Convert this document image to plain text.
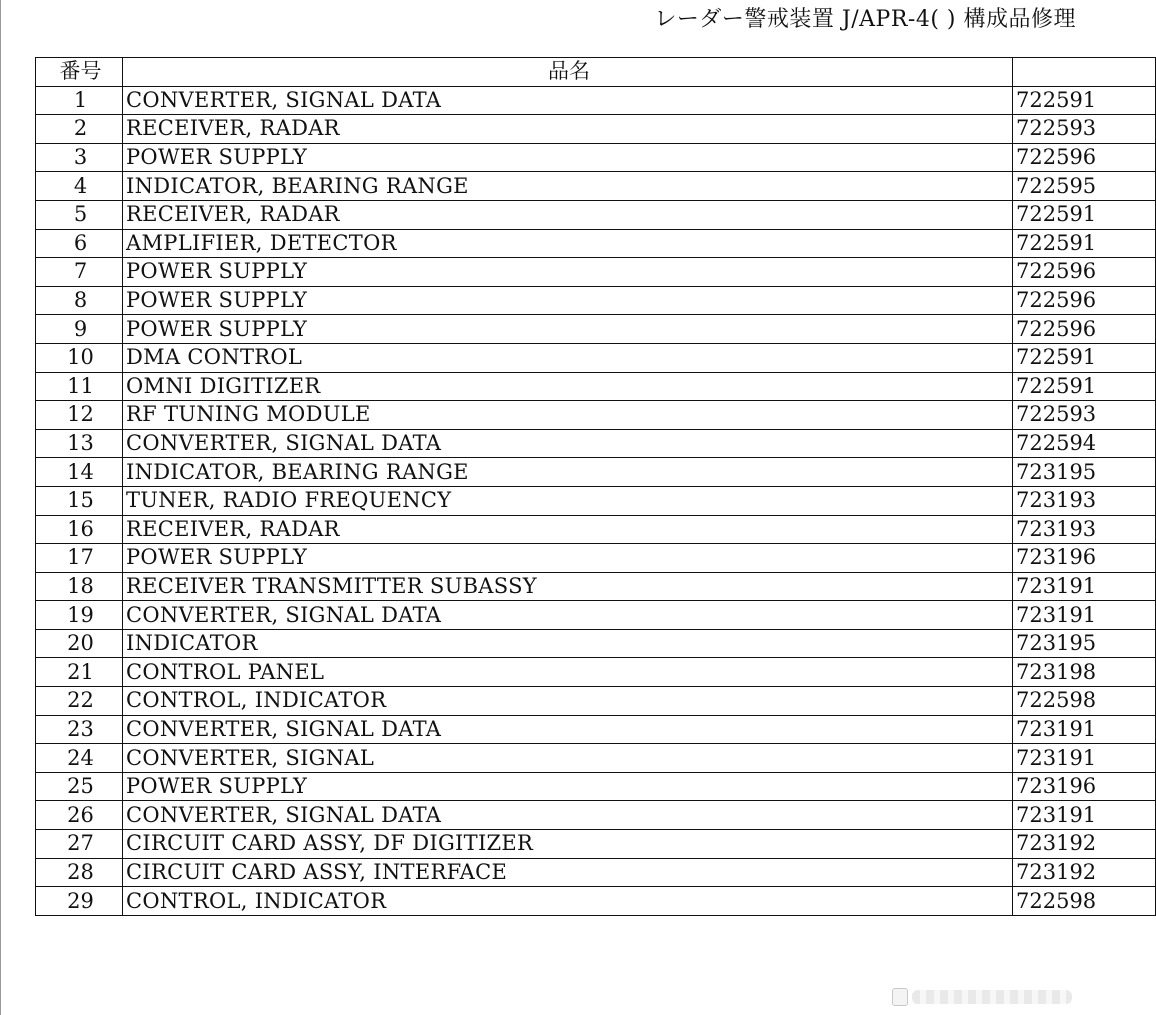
レーダー警戒装置 J/APR-4( ) 構成品修理
番号	品名	
1	CONVERTER, SIGNAL DATA	722591
2	RECEIVER, RADAR	722593
3	POWER SUPPLY	722596
4	INDICATOR, BEARING RANGE	722595
5	RECEIVER, RADAR	722591
6	AMPLIFIER, DETECTOR	722591
7	POWER SUPPLY	722596
8	POWER SUPPLY	722596
9	POWER SUPPLY	722596
10	DMA CONTROL	722591
11	OMNI DIGITIZER	722591
12	RF TUNING MODULE	722593
13	CONVERTER, SIGNAL DATA	722594
14	INDICATOR, BEARING RANGE	723195
15	TUNER, RADIO FREQUENCY	723193
16	RECEIVER, RADAR	723193
17	POWER SUPPLY	723196
18	RECEIVER TRANSMITTER SUBASSY	723191
19	CONVERTER, SIGNAL DATA	723191
20	INDICATOR	723195
21	CONTROL PANEL	723198
22	CONTROL, INDICATOR	722598
23	CONVERTER, SIGNAL DATA	723191
24	CONVERTER, SIGNAL	723191
25	POWER SUPPLY	723196
26	CONVERTER, SIGNAL DATA	723191
27	CIRCUIT CARD ASSY, DF DIGITIZER	723192
28	CIRCUIT CARD ASSY, INTERFACE	723192
29	CONTROL, INDICATOR	722598
